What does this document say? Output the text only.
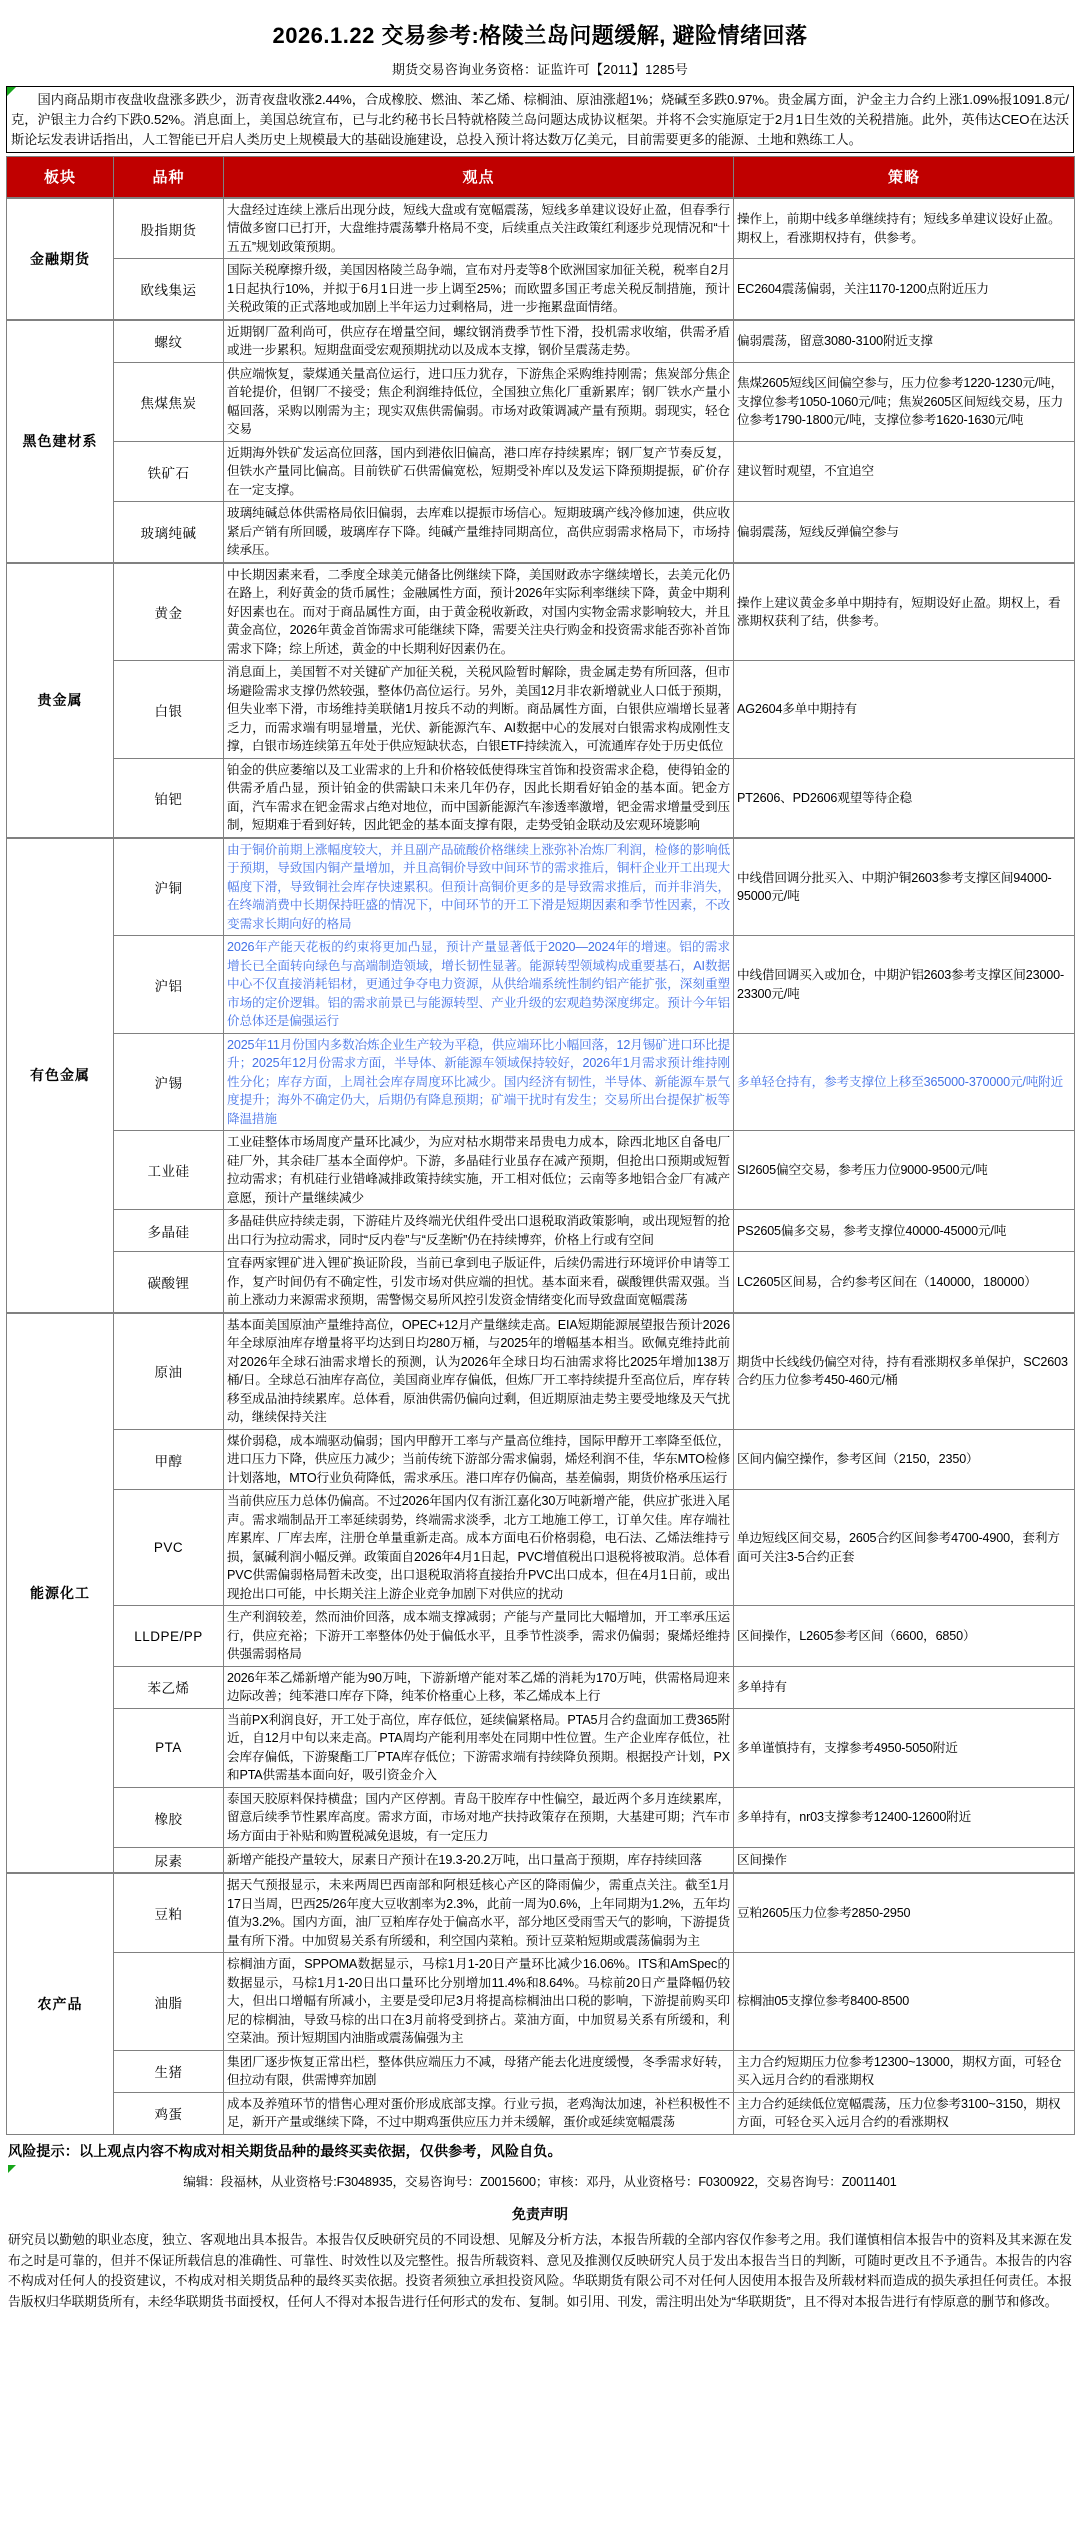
2026.1.22 交易参考:格陵兰岛问题缓解, 避险情绪回落
期货交易咨询业务资格：证监许可【2011】1285号
国内商品期市夜盘收盘涨多跌少，沥青夜盘收涨2.44%，合成橡胶、燃油、苯乙烯、棕榈油、原油涨超1%；烧碱至多跌0.97%。贵金属方面，沪金主力合约上涨1.09%报1091.8元/克，沪银主力合约下跌0.52%。消息面上，美国总统宣布，已与北约秘书长吕特就格陵兰岛问题达成协议框架。并将不会实施原定于2月1日生效的关税措施。此外，英伟达CEO在达沃斯论坛发表讲话指出，人工智能已开启人类历史上规模最大的基础设施建设，总投入预计将达数万亿美元，目前需要更多的能源、土地和熟练工人。
板块	品种	观点	策略
金融期货	股指期货	大盘经过连续上涨后出现分歧，短线大盘或有宽幅震荡，短线多单建议设好止盈，但春季行情做多窗口已打开，大盘维持震荡攀升格局不变，后续重点关注政策红利逐步兑现情况和“十五五”规划政策预期。	操作上，前期中线多单继续持有；短线多单建议设好止盈。期权上，看涨期权持有，供参考。
	欧线集运	国际关税摩擦升级，美国因格陵兰岛争端，宣布对丹麦等8个欧洲国家加征关税，税率自2月1日起执行10%，并拟于6月1日进一步上调至25%；而欧盟多国正考虑关税反制措施，预计关税政策的正式落地或加剧上半年运力过剩格局，进一步拖累盘面情绪。	EC2604震荡偏弱，关注1170-1200点附近压力
黑色建材系	螺纹	近期钢厂盈利尚可，供应存在增量空间，螺纹钢消费季节性下滑，投机需求收缩，供需矛盾或进一步累积。短期盘面受宏观预期扰动以及成本支撑，钢价呈震荡走势。	偏弱震荡，留意3080-3100附近支撑
	焦煤焦炭	供应端恢复，蒙煤通关量高位运行，进口压力犹存，下游焦企采购维持刚需；焦炭部分焦企首轮提价，但钢厂不接受；焦企利润维持低位，全国独立焦化厂重新累库；钢厂铁水产量小幅回落，采购以刚需为主；现实双焦供需偏弱。市场对政策调减产量有预期。弱现实，轻仓交易	焦煤2605短线区间偏空参与，压力位参考1220-1230元/吨，支撑位参考1050-1060元/吨；焦炭2605区间短线交易，压力位参考1790-1800元/吨，支撑位参考1620-1630元/吨
	铁矿石	近期海外铁矿发运高位回落，国内到港依旧偏高，港口库存持续累库；钢厂复产节奏反复，但铁水产量同比偏高。目前铁矿石供需偏宽松，短期受补库以及发运下降预期提振，矿价存在一定支撑。	建议暂时观望，不宜追空
	玻璃纯碱	玻璃纯碱总体供需格局依旧偏弱，去库难以提振市场信心。短期玻璃产线冷修加速，供应收紧后产销有所回暖，玻璃库存下降。纯碱产量维持同期高位，高供应弱需求格局下，市场持续承压。	偏弱震荡，短线反弹偏空参与
贵金属	黄金	中长期因素来看，二季度全球美元储备比例继续下降，美国财政赤字继续增长，去美元化仍在路上，利好黄金的货币属性；金融属性方面，预计2026年实际利率继续下降，黄金中期利好因素也在。而对于商品属性方面，由于黄金税收新政，对国内实物金需求影响较大，并且黄金高位，2026年黄金首饰需求可能继续下降，需要关注央行购金和投资需求能否弥补首饰需求下降；综上所述，黄金的中长期利好因素仍在。	操作上建议黄金多单中期持有，短期设好止盈。期权上，看涨期权获利了结，供参考。
	白银	消息面上，美国暂不对关键矿产加征关税，关税风险暂时解除，贵金属走势有所回落，但市场避险需求支撑仍然较强，整体仍高位运行。另外，美国12月非农新增就业人口低于预期，但失业率下滑，市场维持美联储1月按兵不动的判断。商品属性方面，白银供应端增长显著乏力，而需求端有明显增量，光伏、新能源汽车、AI数据中心的发展对白银需求构成刚性支撑，白银市场连续第五年处于供应短缺状态，白银ETF持续流入，可流通库存处于历史低位	AG2604多单中期持有
	铂钯	铂金的供应萎缩以及工业需求的上升和价格较低使得珠宝首饰和投资需求企稳，使得铂金的供需矛盾凸显，预计铂金的供需缺口未来几年仍存，因此长期看好铂金的基本面。钯金方面，汽车需求在钯金需求占绝对地位，而中国新能源汽车渗透率激增，钯金需求增量受到压制，短期难于看到好转，因此钯金的基本面支撑有限，走势受铂金联动及宏观环境影响	PT2606、PD2606观望等待企稳
有色金属	沪铜	由于铜价前期上涨幅度较大，并且副产品硫酸价格继续上涨弥补冶炼厂利润，检修的影响低于预期，导致国内铜产量增加，并且高铜价导致中间环节的需求推后，铜杆企业开工出现大幅度下滑，导致铜社会库存快速累积。但预计高铜价更多的是导致需求推后，而并非消失，在终端消费中长期保持旺盛的情况下，中间环节的开工下滑是短期因素和季节性因素，不改变需求长期向好的格局	中线借回调分批买入、中期沪铜2603参考支撑区间94000-95000元/吨
	沪铝	2026年产能天花板的约束将更加凸显，预计产量显著低于2020—2024年的增速。铝的需求增长已全面转向绿色与高端制造领域，增长韧性显著。能源转型领域构成重要基石，AI数据中心不仅直接消耗铝材，更通过争夺电力资源，从供给端系统性制约铝产能扩张，深刻重塑市场的定价逻辑。铝的需求前景已与能源转型、产业升级的宏观趋势深度绑定。预计今年铝价总体还是偏强运行	中线借回调买入或加仓，中期沪铝2603参考支撑区间23000-23300元/吨
	沪锡	2025年11月份国内多数冶炼企业生产较为平稳，供应端环比小幅回落，12月锡矿进口环比提升；2025年12月份需求方面，半导体、新能源车领域保持较好，2026年1月需求预计维持刚性分化；库存方面，上周社会库存周度环比减少。国内经济有韧性，半导体、新能源车景气度提升；海外不确定仍大，后期仍有降息预期；矿端干扰时有发生；交易所出台提保扩板等降温措施	多单轻仓持有，参考支撑位上移至365000-370000元/吨附近
	工业硅	工业硅整体市场周度产量环比减少，为应对枯水期带来昂贵电力成本，除西北地区自备电厂硅厂外，其余硅厂基本全面停炉。下游，多晶硅行业虽存在减产预期，但抢出口预期或短暂拉动需求；有机硅行业错峰减排政策持续实施，开工相对低位；云南等多地铝合金厂有减产意愿，预计产量继续减少	SI2605偏空交易，参考压力位9000-9500元/吨
	多晶硅	多晶硅供应持续走弱，下游硅片及终端光伏组件受出口退税取消政策影响，或出现短暂的抢出口行为拉动需求，同时“反内卷”与“反垄断”仍在持续博弈，价格上行或有空间	PS2605偏多交易，参考支撑位40000-45000元/吨
	碳酸锂	宜春两家锂矿进入锂矿换证阶段，当前已拿到电子版证件，后续仍需进行环境评价申请等工作，复产时间仍有不确定性，引发市场对供应端的担忧。基本面来看，碳酸锂供需双强。当前上涨动力来源需求预期，需警惕交易所风控引发资金情绪变化而导致盘面宽幅震荡	LC2605区间易，合约参考区间在（140000，180000）
能源化工	原油	基本面美国原油产量维持高位，OPEC+12月产量继续走高。EIA短期能源展望报告预计2026年全球原油库存增量将平均达到日均280万桶，与2025年的增幅基本相当。欧佩克维持此前对2026年全球石油需求增长的预测，认为2026年全球日均石油需求将比2025年增加138万桶/日。全球总石油库存高位，美国商业库存偏低，但炼厂开工率持续提升至高位后，库存转移至成品油持续累库。总体看，原油供需仍偏向过剩，但近期原油走势主要受地缘及天气扰动，继续保持关注	期货中长线线仍偏空对待，持有看涨期权多单保护，SC2603合约压力位参考450-460元/桶
	甲醇	煤价弱稳，成本端驱动偏弱；国内甲醇开工率与产量高位维持，国际甲醇开工率降至低位，进口压力下降，供应压力减少；当前传统下游部分需求偏弱，烯烃利润不佳，华东MTO检修计划落地，MTO行业负荷降低，需求承压。港口库存仍偏高，基差偏弱，期货价格承压运行	区间内偏空操作，参考区间（2150，2350）
	PVC	当前供应压力总体仍偏高。不过2026年国内仅有浙江嘉化30万吨新增产能，供应扩张进入尾声。需求端制品开工率延续弱势，终端需求淡季，北方工地施工停工，订单欠佳。库存端社库累库、厂库去库，注册仓单量重新走高。成本方面电石价格弱稳，电石法、乙烯法维持亏损，氯碱利润小幅反弹。政策面自2026年4月1日起，PVC增值税出口退税将被取消。总体看PVC供需偏弱格局暂未改变，出口退税取消将直接抬升PVC出口成本，但在4月1日前，或出现抢出口可能，中长期关注上游企业竞争加剧下对供应的扰动	单边短线区间交易，2605合约区间参考4700-4900，套利方面可关注3-5合约正套
	LLDPE/PP	生产利润较差，然而油价回落，成本端支撑减弱；产能与产量同比大幅增加，开工率承压运行，供应充裕；下游开工率整体仍处于偏低水平，且季节性淡季，需求仍偏弱；聚烯烃维持供强需弱格局	区间操作，L2605参考区间（6600，6850）
	苯乙烯	2026年苯乙烯新增产能为90万吨，下游新增产能对苯乙烯的消耗为170万吨，供需格局迎来边际改善；纯苯港口库存下降，纯苯价格重心上移，苯乙烯成本上行	多单持有
	PTA	当前PX利润良好，开工处于高位，库存低位，延续偏紧格局。PTA5月合约盘面加工费365附近，自12月中旬以来走高。PTA周均产能利用率处在同期中性位置。生产企业库存低位，社会库存偏低，下游聚酯工厂PTA库存低位；下游需求端有持续降负预期。根据投产计划，PX和PTA供需基本面向好，吸引资金介入	多单谨慎持有，支撑参考4950-5050附近
	橡胶	泰国天胶原料保持横盘；国内产区停割。青岛干胶库存中性偏空，最近两个多月连续累库，留意后续季节性累库高度。需求方面，市场对地产扶持政策存在预期，大基建可期；汽车市场方面由于补贴和购置税减免退坡，有一定压力	多单持有，nr03支撑参考12400-12600附近
	尿素	新增产能投产量较大，尿素日产预计在19.3-20.2万吨，出口量高于预期，库存持续回落	区间操作
农产品	豆粕	据天气预报显示，未来两周巴西南部和阿根廷核心产区的降雨偏少，需重点关注。截至1月17日当周，巴西25/26年度大豆收割率为2.3%，此前一周为0.6%，上年同期为1.2%，五年均值为3.2%。国内方面，油厂豆粕库存处于偏高水平，部分地区受雨雪天气的影响，下游提货量有所下滑。中加贸易关系有所缓和，利空国内菜粕。预计豆菜粕短期或震荡偏弱为主	豆粕2605压力位参考2850-2950
	油脂	棕榈油方面，SPPOMA数据显示，马棕1月1-20日产量环比减少16.06%。ITS和AmSpec的数据显示，马棕1月1-20日出口量环比分别增加11.4%和8.64%。马棕前20日产量降幅仍较大，但出口增幅有所减小，主要是受印尼3月将提高棕榈油出口税的影响，下游提前购买印尼的棕榈油，导致马棕的出口在3月前将受到挤占。菜油方面，中加贸易关系有所缓和，利空菜油。预计短期国内油脂或震荡偏强为主	棕榈油05支撑位参考8400-8500
	生猪	集团厂逐步恢复正常出栏，整体供应端压力不减，母猪产能去化进度缓慢，冬季需求好转，但拉动有限，供需博弈加剧	主力合约短期压力位参考12300~13000，期权方面，可轻仓买入远月合约的看涨期权
	鸡蛋	成本及养殖环节的惜售心理对蛋价形成底部支撑。行业亏损，老鸡淘汰加速，补栏积极性不足，新开产量或继续下降，不过中期鸡蛋供应压力并未缓解，蛋价或延续宽幅震荡	主力合约延续低位宽幅震荡，压力位参考3100~3150，期权方面，可轻仓买入远月合约的看涨期权
风险提示：以上观点内容不构成对相关期货品种的最终买卖依据，仅供参考，风险自负。
编辑：段福林，从业资格号:F3048935，交易咨询号：Z0015600；审核：邓丹，从业资格号：F0300922，交易咨询号：Z0011401
免责声明
研究员以勤勉的职业态度，独立、客观地出具本报告。本报告仅反映研究员的不同设想、见解及分析方法，本报告所载的全部内容仅作参考之用。我们谨慎相信本报告中的资料及其来源在发布之时是可靠的，但并不保证所载信息的准确性、可靠性、时效性以及完整性。报告所载资料、意见及推测仅反映研究人员于发出本报告当日的判断，可随时更改且不予通告。本报告的内容不构成对任何人的投资建议，不构成对相关期货品种的最终买卖依据。投资者须独立承担投资风险。华联期货有限公司不对任何人因使用本报告及所载材料而造成的损失承担任何责任。本报告版权归华联期货所有，未经华联期货书面授权，任何人不得对本报告进行任何形式的发布、复制。如引用、刊发，需注明出处为“华联期货”，且不得对本报告进行有悖原意的删节和修改。
